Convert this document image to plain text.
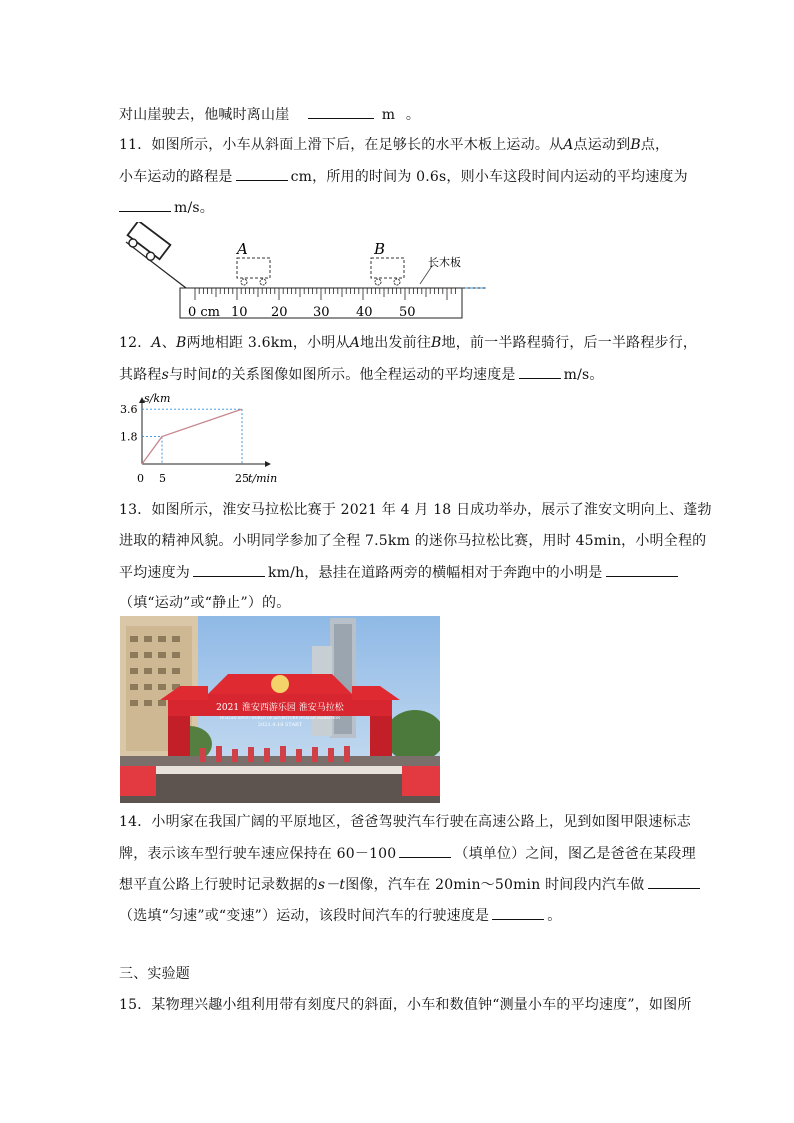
对山崖驶去，他喊时离山崖	m 。
11．如图所示，小车从斜面上滑下后，在足够长的水平木板上运动。从A点运动到B点，
小车运动的路程是	cm，所用的时间为 0.6s，则小车这段时间内运动的平均速度为
m/s。
A	B
长木板
0 cm 10 20 30 40 50
12．A、B两地相距 3.6km，小明从A地出发前往B地，前一半路程骑行，后一半路程步行，
其路程s与时间t的关系图像如图所示。他全程运动的平均速度是	m/s。
s/km
t/min
0 5	25
1.8
3.6
13．如图所示，淮安马拉松比赛于 2021 年 4 月 18 日成功举办，展示了淮安文明向上、蓬勃
进取的精神风貌。小明同学参加了全程 7.5km 的迷你马拉松比赛，用时 45min，小明全程的
平均速度为	km/h，悬挂在道路两旁的横幅相对于奔跑中的小明是
（填“运动”或“静止”）的。
2021 淮安西游乐园 淮安马拉松
HUAI'AN XIYOU WORLD OF ADVENTURE HUAI'AN MARATHON
2021.4.18 START
14．小明家在我国广阔的平原地区，爸爸驾驶汽车行驶在高速公路上，见到如图甲限速标志
牌，表示该车型行驶车速应保持在 60－100	（填单位）之间，图乙是爸爸在某段理
想平直公路上行驶时记录数据的s－t图像，汽车在 20min～50min 时间段内汽车做
（选填“匀速”或“变速”）运动，该段时间汽车的行驶速度是	。
三、实验题
15．某物理兴趣小组利用带有刻度尺的斜面，小车和数值钟“测量小车的平均速度”，如图所
